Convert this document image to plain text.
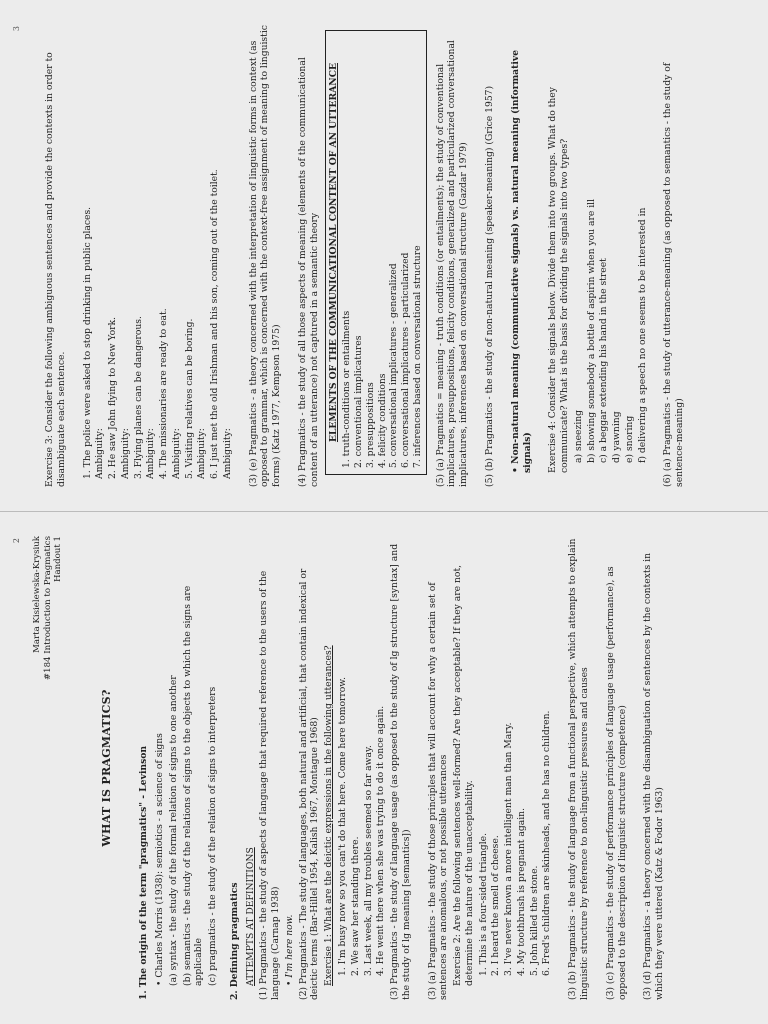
2 Marta Kisielewska-Krysiuk #184 Introduction to Pragmatics Handout 1
WHAT IS PRAGMATICS?	1. The origin of the term "pragmatics" - Levinson • Charles Morris (1938): semiotics - a science of signs (a) syntax - the study of the formal relation of signs to one another (b) semantics - the study of the relations of signs to the objects to which the signs are applicable (c) pragmatics - the study of the relation of signs to interpreters 2. Defining pragmatics ATTEMPTS AT DEFINITIONS (1) Pragmatics - the study of aspects of language that required reference to the users of the language (Carnap 1938) • I'm here now. (2) Pragmatics - The study of languages, both natural and artificial, that contain indexical or deictic terms (Bar-Hillel 1954, Kalish 1967, Montague 1968) Exercise 1: What are the deictic expressions in the following utterances? 1. I'm busy now so you can't do that here. Come here tomorrow. 2. We saw her standing there. 3. Last week, all my troubles seemed so far away. 4. He went there when she was trying to do it once again. (3) Pragmatics - the study of language usage (as opposed to the study of lg structure [syntax] and the study of lg meaning [semantics]) (3) (a) Pragmatics - the study of those principles that will account for why a certain set of sentences are anomalous, or not possible utterances Exercise 2: Are the following sentences well-formed? Are they acceptable? If they are not, determine the nature of the unacceptability. 1. This is a four-sided triangle. 2. I heard the smell of cheese. 3. I've never known a more intelligent man than Mary. 4. My toothbrush is pregnant again. 5. John killed the stone. 6. Fred's children are skinheads, and he has no children. (3) (b) Pragmatics - the study of language from a functional perspective, which attempts to explain linguistic structure by reference to non-linguistic pressures and causes (3) (c) Pragmatics - the study of performance principles of language usage (performance), as opposed to the description of linguistic structure (competence) (3) (d) Pragmatics - a theory concerned with the disambiguation of sentences by the contexts in which they were uttered (Katz & Fodor 1963)

3

Exercise 3: Consider the following ambiguous sentences and provide the contexts in order to disambiguate each sentence. 1. The police were asked to stop drinking in public places. Ambiguity: 2. He saw John flying to New York. Ambiguity: 3. Flying planes can be dangerous. Ambiguity: 4. The missionaries are ready to eat. Ambiguity: 5. Visiting relatives can be boring. Ambiguity: 6. I just met the old Irishman and his son, coming out of the toilet. Ambiguity: (3) (e) Pragmatics - a theory concerned with the interpretation of linguistic forms in context (as opposed to grammar, which is concerned with the context-free assignment of meaning to linguistic forms) (Katz 1977, Kempson 1975) (4) Pragmatics - the study of all those aspects of meaning (elements of the communicational content of an utterance) not captured in a semantic theory ELEMENTS OF THE COMMUNICATIONAL CONTENT OF AN UTTERANCE 1. truth-conditions or entailments 2. conventional implicatures 3. presuppositions 4. felicity conditions 5. conversational implicatures - generalized 6. conversational implicatures - particularized 7. inferences based on conversational structure (5) (a) Pragmatics = meaning - truth conditions (or entailments); the study of conventional implicatures, presuppositions, felicity conditions, generalized and particularized conversational implicatures, inferences based on conversational structure (Gazdar 1979) (5) (b) Pragmatics - the study of non-natural meaning (speaker-meaning) (Grice 1957) • Non-natural meaning (communicative signals) vs. natural meaning (informative signals) Exercise 4: Consider the signals below. Divide them into two groups. What do they communicate? What is the basis for dividing the signals into two types? a) sneezing b) showing somebody a bottle of aspirin when you are ill c) a beggar extending his hand in the street d) yawning e) snoring f) delivering a speech no one seems to be interested in (6) (a) Pragmatics - the study of utterance-meaning (as opposed to semantics - the study of sentence-meaning)
